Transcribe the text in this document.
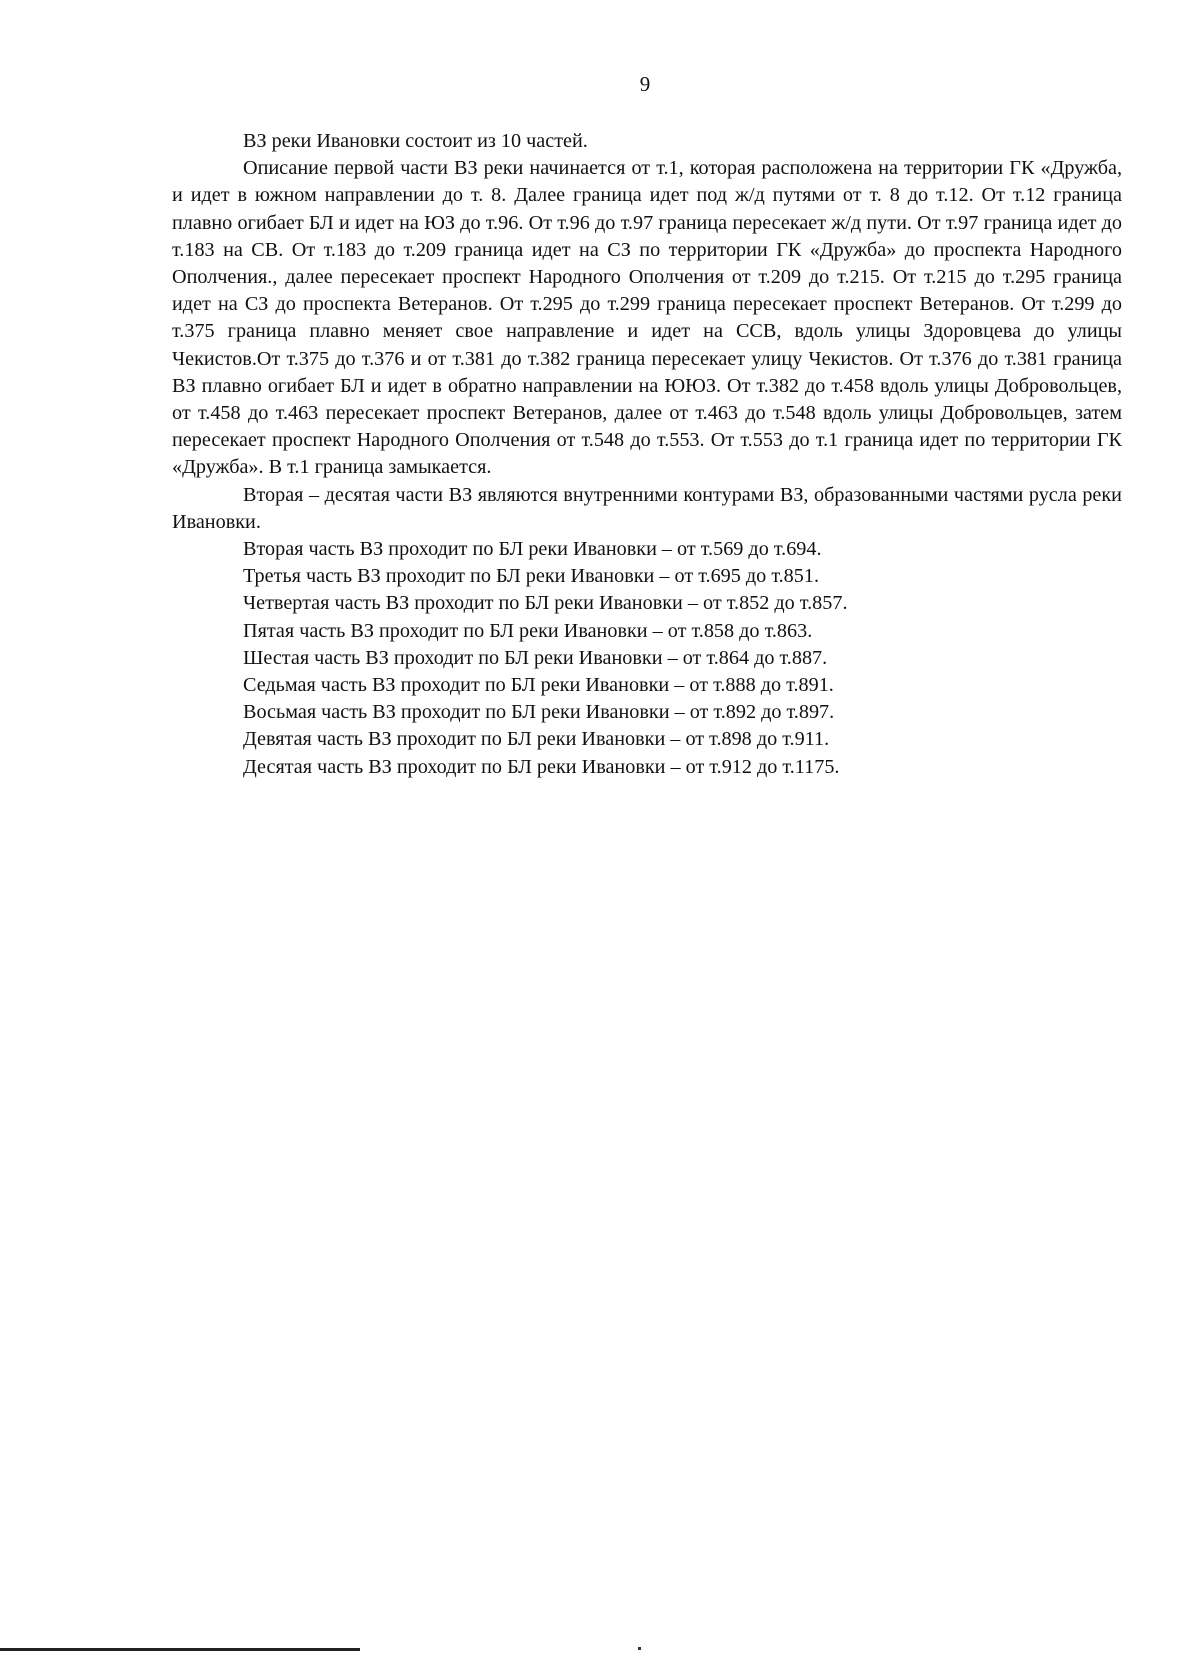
9

ВЗ реки Ивановки состоит из 10 частей.

Описание первой части ВЗ реки начинается от т.1, которая расположена на территории ГК «Дружба, и идет в южном направлении до т. 8. Далее граница идет под ж/д путями от т. 8 до т.12. От т.12 граница плавно огибает БЛ и идет на ЮЗ до т.96. От т.96 до т.97 граница пересекает ж/д пути. От т.97 граница идет до т.183 на СВ. От т.183 до т.209 граница идет на СЗ по территории ГК «Дружба» до проспекта Народного Ополчения., далее пересекает проспект Народного Ополчения от т.209 до т.215. От т.215 до т.295 граница идет на СЗ до проспекта Ветеранов. От т.295 до т.299 граница пересекает проспект Ветеранов. От т.299 до т.375 граница плавно меняет свое направление и идет на ССВ, вдоль улицы Здоровцева до улицы Чекистов.От т.375 до т.376 и от т.381 до т.382 граница пересекает улицу Чекистов. От т.376 до т.381 граница ВЗ плавно огибает БЛ и идет в обратно направлении на ЮЮЗ. От т.382 до т.458 вдоль улицы Добровольцев, от т.458 до т.463 пересекает проспект Ветеранов, далее от т.463 до т.548 вдоль улицы Добровольцев, затем пересекает проспект Народного Ополчения от т.548 до т.553. От т.553 до т.1 граница идет по территории ГК «Дружба». В т.1 граница замыкается.

Вторая – десятая части ВЗ являются внутренними контурами ВЗ, образованными частями русла реки Ивановки.

Вторая часть ВЗ проходит по БЛ реки Ивановки – от т.569 до т.694.
Третья часть ВЗ проходит по БЛ реки Ивановки – от т.695 до т.851.
Четвертая часть ВЗ проходит по БЛ реки Ивановки – от т.852 до т.857.
Пятая часть ВЗ проходит по БЛ реки Ивановки – от т.858 до т.863.
Шестая часть ВЗ проходит по БЛ реки Ивановки – от т.864 до т.887.
Седьмая часть ВЗ проходит по БЛ реки Ивановки – от т.888 до т.891.
Восьмая часть ВЗ проходит по БЛ реки Ивановки – от т.892 до т.897.
Девятая часть ВЗ проходит по БЛ реки Ивановки – от т.898 до т.911.
Десятая часть ВЗ проходит по БЛ реки Ивановки – от т.912 до т.1175.
